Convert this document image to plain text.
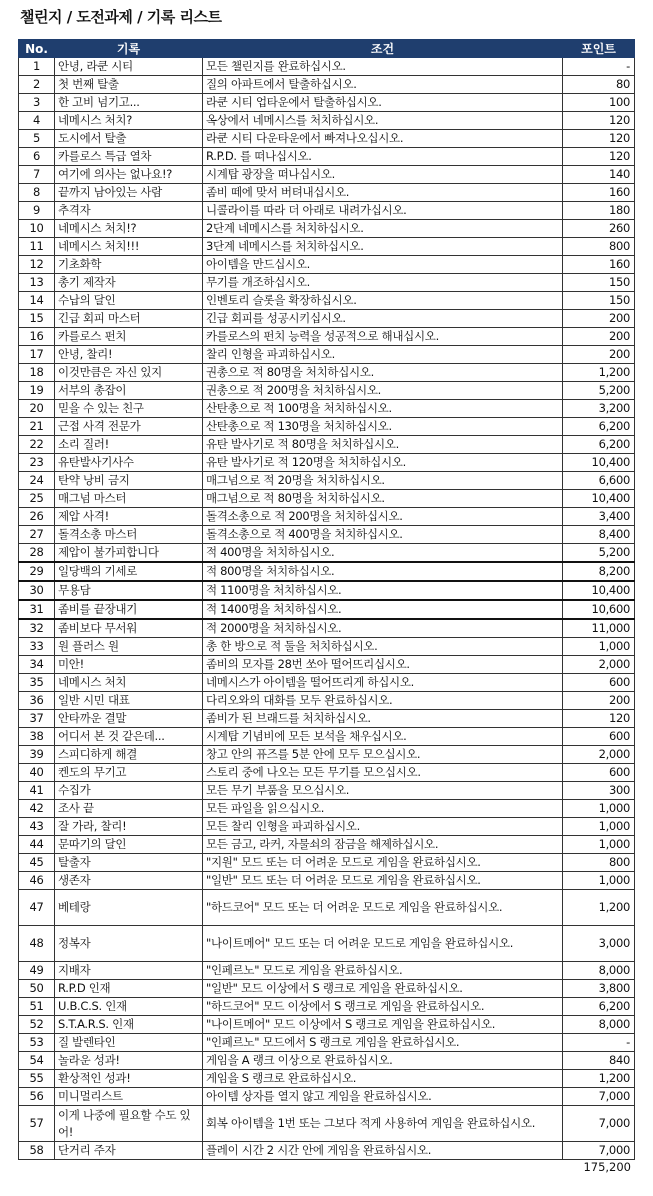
챌린지 / 도전과제 / 기록 리스트
No.	기록	조건	포인트
1	안녕, 라쿤 시티	모든 챌린지를 완료하십시오.	-
2	첫 번째 탈출	질의 아파트에서 탈출하십시오.	80
3	한 고비 넘기고...	라쿤 시티 업타운에서 탈출하십시오.	100
4	네메시스 처치?	옥상에서 네메시스를 처치하십시오.	120
5	도시에서 탈출	라쿤 시티 다운타운에서 빠져나오십시오.	120
6	카를로스 특급 열차	R.P.D. 를 떠나십시오.	120
7	여기에 의사는 없나요!?	시계탑 광장을 떠나십시오.	140
8	끝까지 남아있는 사람	좀비 떼에 맞서 버텨내십시오.	160
9	추격자	니콜라이를 따라 더 아래로 내려가십시오.	180
10	네메시스 처치!?	2단계 네메시스를 처치하십시오.	260
11	네메시스 처치!!!	3단계 네메시스를 처치하십시오.	800
12	기초화학	아이템을 만드십시오.	160
13	총기 제작자	무기를 개조하십시오.	150
14	수납의 달인	인벤토리 슬롯을 확장하십시오.	150
15	긴급 회피 마스터	긴급 회피를 성공시키십시오.	200
16	카를로스 펀치	카를로스의 펀치 능력을 성공적으로 해내십시오.	200
17	안녕, 찰리!	찰리 인형을 파괴하십시오.	200
18	이것만큼은 자신 있지	권총으로 적 80명을 처치하십시오.	1,200
19	서부의 총잡이	권총으로 적 200명을 처치하십시오.	5,200
20	믿을 수 있는 친구	산탄총으로 적 100명을 처치하십시오.	3,200
21	근접 사격 전문가	산탄총으로 적 130명을 처치하십시오.	6,200
22	소리 질러!	유탄 발사기로 적 80명을 처치하십시오.	6,200
23	유탄발사기사수	유탄 발사기로 적 120명을 처치하십시오.	10,400
24	탄약 낭비 금지	매그넘으로 적 20명을 처치하십시오.	6,600
25	매그넘 마스터	매그넘으로 적 80명을 처치하십시오.	10,400
26	제압 사격!	돌격소총으로 적 200명을 처치하십시오.	3,400
27	돌격소총 마스터	돌격소총으로 적 400명을 처치하십시오.	8,400
28	제압이 불가피합니다	적 400명을 처치하십시오.	5,200
29	일당백의 기세로	적 800명을 처치하십시오.	8,200
30	무용담	적 1100명을 처치하십시오.	10,400
31	좀비를 끝장내기	적 1400명을 처치하십시오.	10,600
32	좀비보다 무서워	적 2000명을 처치하십시오.	11,000
33	원 플러스 원	총 한 방으로 적 둘을 처치하십시오.	1,000
34	미안!	좀비의 모자를 28번 쏘아 떨어뜨리십시오.	2,000
35	네메시스 처치	네메시스가 아이템을 떨어뜨리게 하십시오.	600
36	일반 시민 대표	다리오와의 대화를 모두 완료하십시오.	200
37	안타까운 결말	좀비가 된 브래드를 처치하십시오.	120
38	어디서 본 것 같은데...	시계탑 기념비에 모든 보석을 채우십시오.	600
39	스피디하게 해결	창고 안의 퓨즈를 5분 안에 모두 모으십시오.	2,000
40	켄도의 무기고	스토리 중에 나오는 모든 무기를 모으십시오.	600
41	수집가	모든 무기 부품을 모으십시오.	300
42	조사 끝	모든 파일을 읽으십시오.	1,000
43	잘 가라, 찰리!	모든 찰리 인형을 파괴하십시오.	1,000
44	문따기의 달인	모든 금고, 라커, 자물쇠의 잠금을 해제하십시오.	1,000
45	탈출자	"지원" 모드 또는 더 어려운 모드로 게임을 완료하십시오.	800
46	생존자	"일반" 모드 또는 더 어려운 모드로 게임을 완료하십시오.	1,000
47	베테랑	"하드코어" 모드 또는 더 어려운 모드로 게임을 완료하십시오.	1,200
48	정복자	"나이트메어" 모드 또는 더 어려운 모드로 게임을 완료하십시오.	3,000
49	지배자	"인페르노" 모드로 게임을 완료하십시오.	8,000
50	R.P.D 인재	"일반" 모드 이상에서 S 랭크로 게임을 완료하십시오.	3,800
51	U.B.C.S. 인재	"하드코어" 모드 이상에서 S 랭크로 게임을 완료하십시오.	6,200
52	S.T.A.R.S. 인재	"나이트메어" 모드 이상에서 S 랭크로 게임을 완료하십시오.	8,000
53	질 발렌타인	"인페르노" 모드에서 S 랭크로 게임을 완료하십시오.	-
54	놀라운 성과!	게임을 A 랭크 이상으로 완료하십시오.	840
55	환상적인 성과!	게임을 S 랭크로 완료하십시오.	1,200
56	미니멀리스트	아이템 상자를 열지 않고 게임을 완료하십시오.	7,000
57	이게 나중에 필요할 수도 있어!	회복 아이템을 1번 또는 그보다 적게 사용하여 게임을 완료하십시오.	7,000
58	단거리 주자	플레이 시간 2 시간 안에 게임을 완료하십시오.	7,000
175,200
